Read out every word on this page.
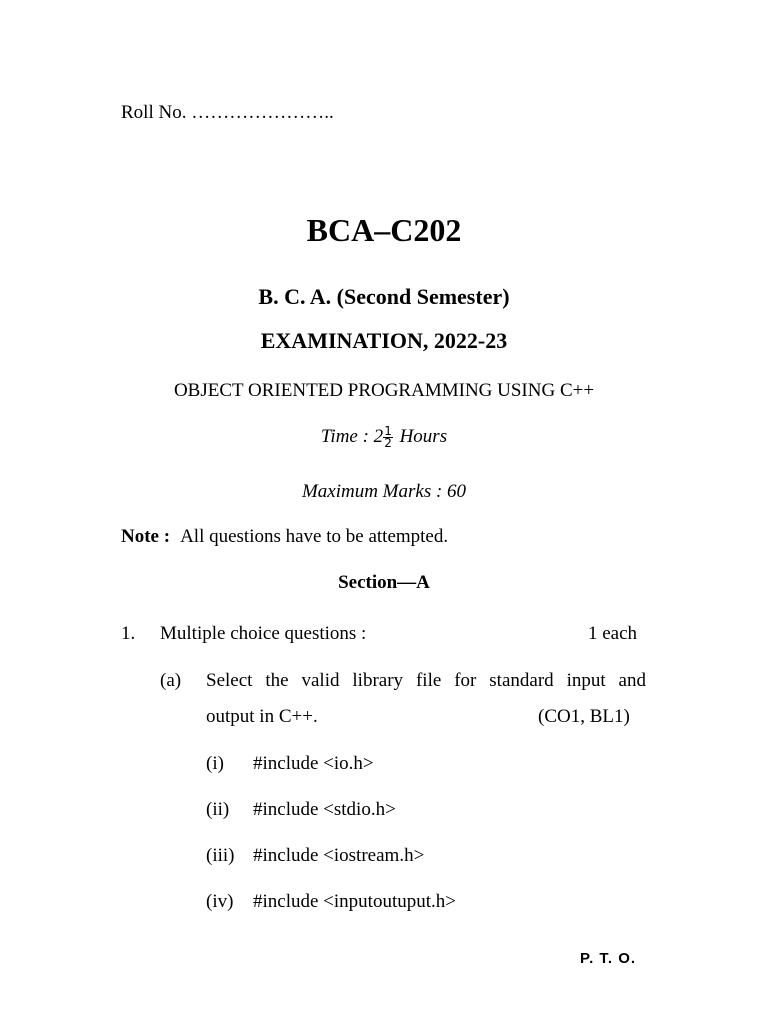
Roll No. …………………..
BCA–C202
B. C. A. (Second Semester)
EXAMINATION, 2022-23
OBJECT ORIENTED PROGRAMMING USING C++
Time : $2 \frac{1}{2}$ Hours
Maximum Marks : 60
Note : All questions have to be attempted.
Section—A
1. Multiple choice questions :	1 each
(a) Select the valid library file for standard input and
output in C++.	(CO1, BL1)
(i) #include <io.h>
(ii) #include <stdio.h>
(iii) #include <iostream.h>
(iv) #include <inputoutuput.h>
P. T. O.
